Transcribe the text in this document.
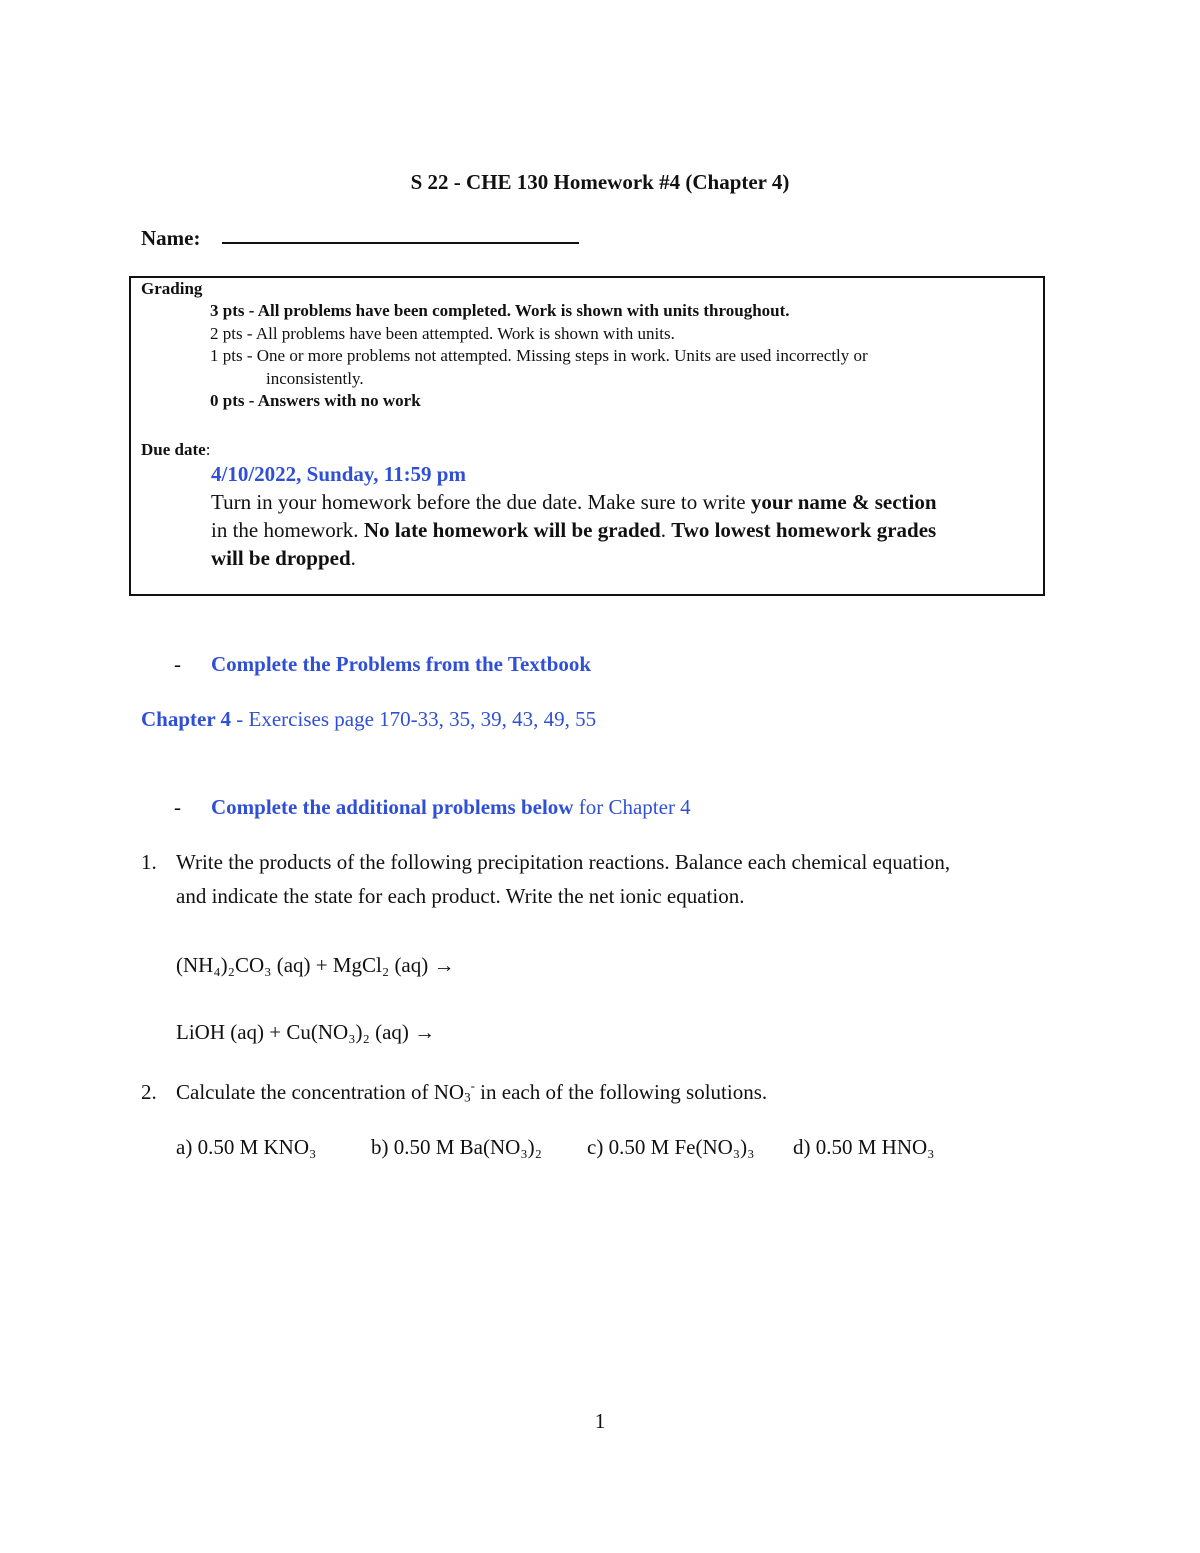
S 22 - CHE 130 Homework #4 (Chapter 4)
Name:
Grading
3 pts - All problems have been completed. Work is shown with units throughout.
2 pts - All problems have been attempted. Work is shown with units.
1 pts - One or more problems not attempted. Missing steps in work. Units are used incorrectly or
inconsistently.
0 pts - Answers with no work
Due date:
4/10/2022, Sunday, 11:59 pm
Turn in your homework before the due date. Make sure to write your name & section
in the homework. No late homework will be graded. Two lowest homework grades
will be dropped.
- Complete the Problems from the Textbook
Chapter 4 - Exercises page 170-33, 35, 39, 43, 49, 55
- Complete the additional problems below for Chapter 4
1. Write the products of the following precipitation reactions. Balance each chemical equation,
and indicate the state for each product. Write the net ionic equation.
(NH₄)₂CO₃ (aq) + MgCl₂ (aq) →
LiOH (aq) + Cu(NO₃)₂ (aq) →
2. Calculate the concentration of $NO_3^-$ in each of the following solutions.
a) 0.50 M KNO₃	b) 0.50 M Ba(NO₃)₂ c) 0.50 M Fe(NO₃)₃ d) 0.50 M HNO₃
1
